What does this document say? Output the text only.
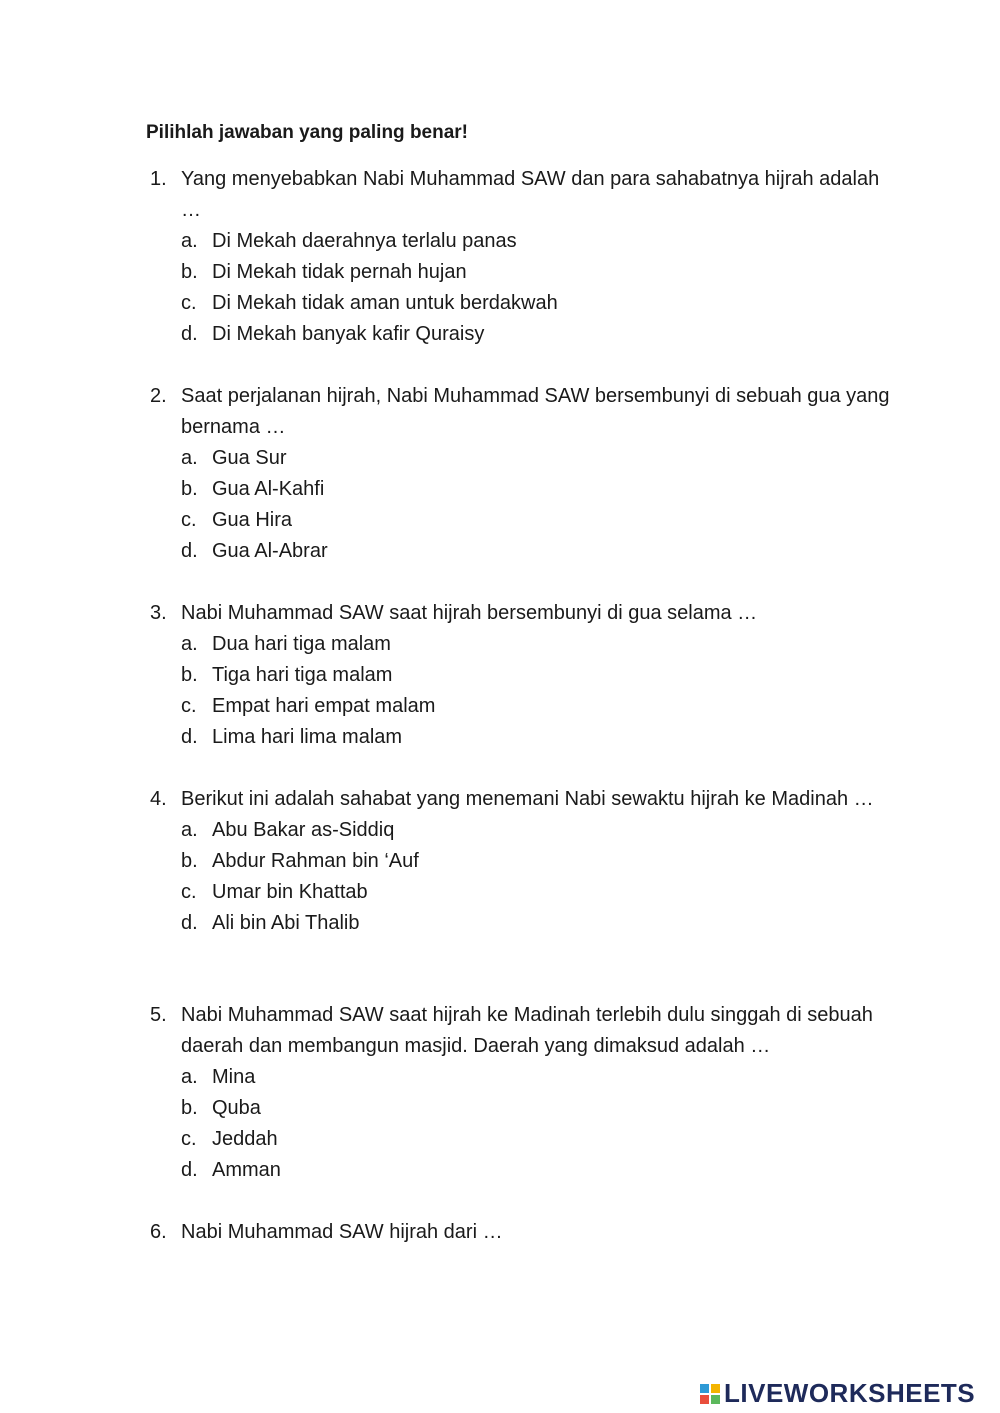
Pilihlah jawaban yang paling benar!
1. Yang menyebabkan Nabi Muhammad SAW dan para sahabatnya hijrah adalah …
a. Di Mekah daerahnya terlalu panas
b. Di Mekah tidak pernah hujan
c. Di Mekah tidak aman untuk berdakwah
d. Di Mekah banyak kafir Quraisy
2. Saat perjalanan hijrah, Nabi Muhammad SAW bersembunyi di sebuah gua yang bernama …
a. Gua Sur
b. Gua Al-Kahfi
c. Gua Hira
d. Gua Al-Abrar
3. Nabi Muhammad SAW saat hijrah bersembunyi di gua selama …
a. Dua hari tiga malam
b. Tiga hari tiga malam
c. Empat hari empat malam
d. Lima hari lima malam
4. Berikut ini adalah sahabat yang menemani Nabi sewaktu hijrah ke Madinah …
a. Abu Bakar as-Siddiq
b. Abdur Rahman bin ‘Auf
c. Umar bin Khattab
d. Ali bin Abi Thalib
5. Nabi Muhammad SAW saat hijrah ke Madinah terlebih dulu singgah di sebuah daerah dan membangun masjid. Daerah yang dimaksud adalah …
a. Mina
b. Quba
c. Jeddah
d. Amman
6. Nabi Muhammad SAW hijrah dari …
LIVEWORKSHEETS
